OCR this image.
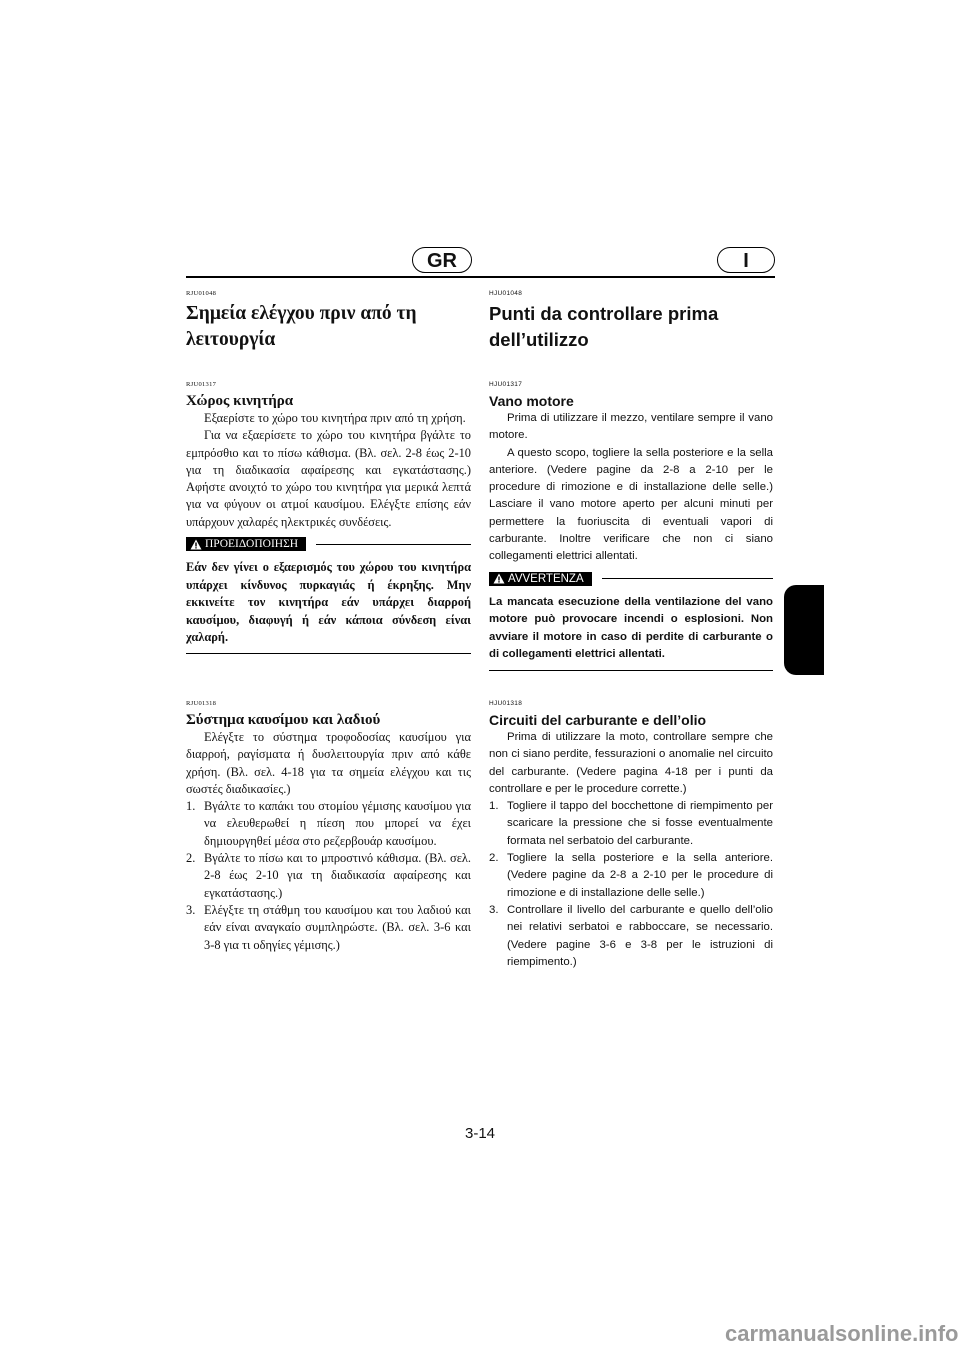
GR	I
RJU01048
Σημεία ελέγχου πριν από τη λειτουργία
RJU01317
Χώρος κινητήρα

Εξαερίστε το χώρο του κινητήρα πριν από τη χρήση.

Για να εξαερίσετε το χώρο του κινητήρα βγάλτε το εμπρόσθιο και το πίσω κάθισμα. (Βλ. σελ. 2-8 έως 2-10 για τη διαδικασία αφαίρεσης και εγκατάστασης.) Αφήστε ανοιχτό το χώρο του κινητήρα για μερικά λεπτά για να φύγουν οι ατμοί καυσίμου. Ελέγξτε επίσης εάν υπάρχουν χαλαρές ηλεκτρικές συνδέσεις.

ΠΡΟΕΙΔΟΠΟΙΗΣΗ

Εάν δεν γίνει ο εξαερισμός του χώρου του κινητήρα υπάρχει κίνδυνος πυρκαγιάς ή έκρηξης. Μην εκκινείτε τον κινητήρα εάν υπάρχει διαρροή καυσίμου, διαφυγή ή εάν κάποια σύνδεση είναι χαλαρή.

HJU01048
Punti da controllare prima dell’utilizzo
HJU01317
Vano motore

Prima di utilizzare il mezzo, ventilare sempre il vano motore.

A questo scopo, togliere la sella posteriore e la sella anteriore. (Vedere pagine da 2-8 a 2-10 per le procedure di rimozione e di installazione delle selle.) Lasciare il vano motore aperto per alcuni minuti per permettere la fuoriuscita di eventuali vapori di carburante. Inoltre verificare che non ci siano collegamenti elettrici allentati.

AVVERTENZA

La mancata esecuzione della ventilazione del vano motore può provocare incendi o esplosioni. Non avviare il motore in caso di perdite di carburante o di collegamenti elettrici allentati.

RJU01318
Σύστημα καυσίμου και λαδιού

Ελέγξτε το σύστημα τροφοδοσίας καυσίμου για διαρροή, ραγίσματα ή δυσλειτουργία πριν από κάθε χρήση. (Βλ. σελ. 4-18 για τα σημεία ελέγχου και τις σωστές διαδικασίες.)

1. Βγάλτε το καπάκι του στομίου γέμισης καυσίμου για να ελευθερωθεί η πίεση που μπορεί να έχει δημιουργηθεί μέσα στο ρεζερβουάρ καυσίμου.
2. Βγάλτε το πίσω και το μπροστινό κάθισμα. (Βλ. σελ. 2-8 έως 2-10 για τη διαδικασία αφαίρεσης και εγκατάστασης.)
3. Ελέγξτε τη στάθμη του καυσίμου και του λαδιού και εάν είναι αναγκαίο συμπληρώστε. (Βλ. σελ. 3-6 και 3-8 για τι οδηγίες γέμισης.)
HJU01318
Circuiti del carburante e dell’olio

Prima di utilizzare la moto, controllare sempre che non ci siano perdite, fessurazioni o anomalie nel circuito del carburante. (Vedere pagina 4-18 per i punti da controllare e per le procedure corrette.)

1. Togliere il tappo del bocchettone di riempimento per scaricare la pressione che si fosse eventualmente formata nel serbatoio del carburante.
2. Togliere la sella posteriore e la sella anteriore. (Vedere pagine da 2-8 a 2-10 per le procedure di rimozione e di installazione delle selle.)
3. Controllare il livello del carburante e quello dell’olio nei relativi serbatoi e rabboccare, se necessario. (Vedere pagine 3-6 e 3-8 per le istruzioni di riempimento.)
3-14
carmanualsonline.info
